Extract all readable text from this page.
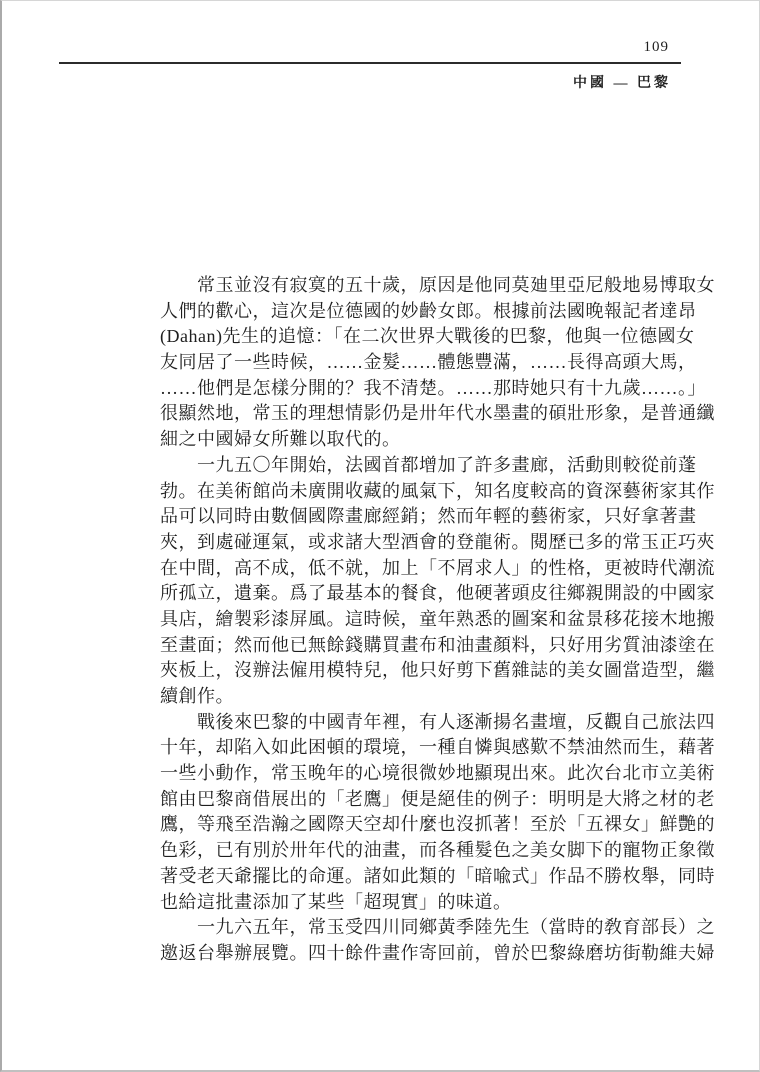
109
中國 — 巴黎
常玉並沒有寂寞的五十歲，原因是他同莫廸里亞尼般地易博取女
人們的歡心，這次是位德國的妙齡女郎。根據前法國晚報記者達昂
(Dahan)先生的追憶：「在二次世界大戰後的巴黎，他與一位德國女
友同居了一些時候，……金髮……體態豐滿，……長得高頭大馬，
……他們是怎樣分開的？我不清楚。……那時她只有十九歲……。」
很顯然地，常玉的理想情影仍是卅年代水墨畫的碩壯形象，是普通纖
細之中國婦女所難以取代的。
一九五〇年開始，法國首都增加了許多畫廊，活動則較從前蓬
勃。在美術館尚未廣開收藏的風氣下，知名度較高的資深藝術家其作
品可以同時由數個國際畫廊經銷；然而年輕的藝術家，只好拿著畫
夾，到處碰運氣，或求諸大型酒會的登龍術。閱歷已多的常玉正巧夾
在中間，高不成，低不就，加上「不屑求人」的性格，更被時代潮流
所孤立，遺棄。爲了最基本的餐食，他硬著頭皮往鄉親開設的中國家
具店，繪製彩漆屏風。這時候，童年熟悉的圖案和盆景移花接木地搬
至畫面；然而他已無餘錢購買畫布和油畫顏料，只好用劣質油漆塗在
夾板上，沒辦法僱用模特兒，他只好剪下舊雜誌的美女圖當造型，繼
續創作。
戰後來巴黎的中國青年裡，有人逐漸揚名畫壇，反觀自己旅法四
十年，却陷入如此困頓的環境，一種自憐與感歎不禁油然而生，藉著
一些小動作，常玉晚年的心境很微妙地顯現出來。此次台北市立美術
館由巴黎商借展出的「老鷹」便是絕佳的例子：明明是大將之材的老
鷹，等飛至浩瀚之國際天空却什麼也沒抓著！至於「五裸女」鮮艷的
色彩，已有別於卅年代的油畫，而各種髮色之美女脚下的寵物正象徵
著受老天爺擺比的命運。諸如此類的「暗喩式」作品不勝枚舉，同時
也給這批畫添加了某些「超現實」的味道。
一九六五年，常玉受四川同鄉黃季陸先生（當時的敎育部長）之
邀返台舉辦展覽。四十餘件畫作寄回前，曾於巴黎綠磨坊街勒維夫婦
